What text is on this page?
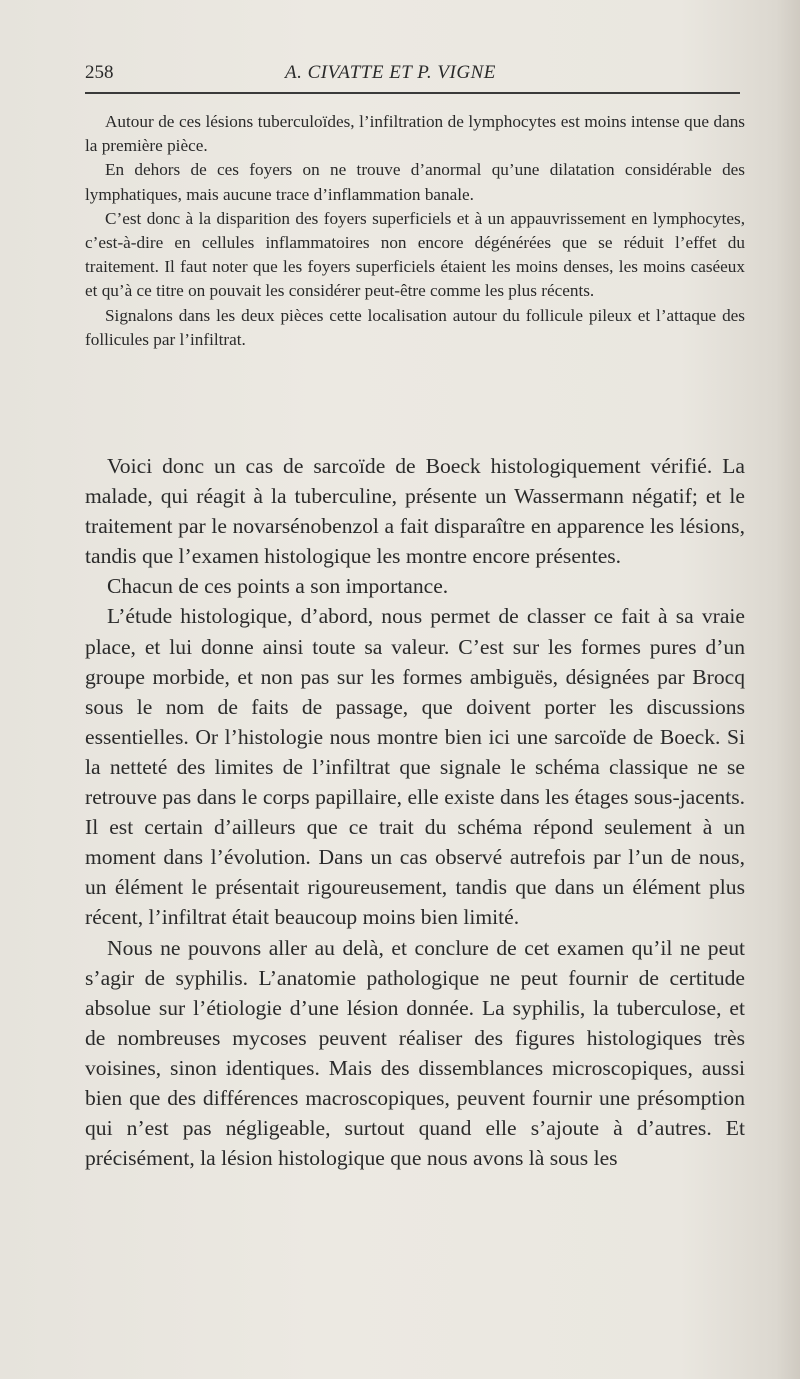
258	A. CIVATTE ET P. VIGNE

Autour de ces lésions tuberculoïdes, l’infiltration de lymphocytes est moins intense que dans la première pièce.

En dehors de ces foyers on ne trouve d’anormal qu’une dilatation considérable des lymphatiques, mais aucune trace d’inflammation banale.

C’est donc à la disparition des foyers superficiels et à un appauvrissement en lymphocytes, c’est-à-dire en cellules inflammatoires non encore dégénérées que se réduit l’effet du traitement. Il faut noter que les foyers superficiels étaient les moins denses, les moins caséeux et qu’à ce titre on pouvait les considérer peut-être comme les plus récents.

Signalons dans les deux pièces cette localisation autour du follicule pileux et l’attaque des follicules par l’infiltrat.

Voici donc un cas de sarcoïde de Boeck histologiquement vérifié. La malade, qui réagit à la tuberculine, présente un Wassermann négatif; et le traitement par le novarsénobenzol a fait disparaître en apparence les lésions, tandis que l’examen histologique les montre encore présentes.

Chacun de ces points a son importance.

L’étude histologique, d’abord, nous permet de classer ce fait à sa vraie place, et lui donne ainsi toute sa valeur. C’est sur les formes pures d’un groupe morbide, et non pas sur les formes ambiguës, désignées par Brocq sous le nom de faits de passage, que doivent porter les discussions essentielles. Or l’histologie nous montre bien ici une sarcoïde de Boeck. Si la netteté des limites de l’infiltrat que signale le schéma classique ne se retrouve pas dans le corps papillaire, elle existe dans les étages sous-jacents. Il est certain d’ailleurs que ce trait du schéma répond seulement à un moment dans l’évolution. Dans un cas observé autrefois par l’un de nous, un élément le présentait rigoureusement, tandis que dans un élément plus récent, l’infiltrat était beaucoup moins bien limité.

Nous ne pouvons aller au delà, et conclure de cet examen qu’il ne peut s’agir de syphilis. L’anatomie pathologique ne peut fournir de certitude absolue sur l’étiologie d’une lésion donnée. La syphilis, la tuberculose, et de nombreuses mycoses peuvent réaliser des figures histologiques très voisines, sinon identiques. Mais des dissemblances microscopiques, aussi bien que des différences macroscopiques, peuvent fournir une présomption qui n’est pas négligeable, surtout quand elle s’ajoute à d’autres. Et précisément, la lésion histologique que nous avons là sous les
